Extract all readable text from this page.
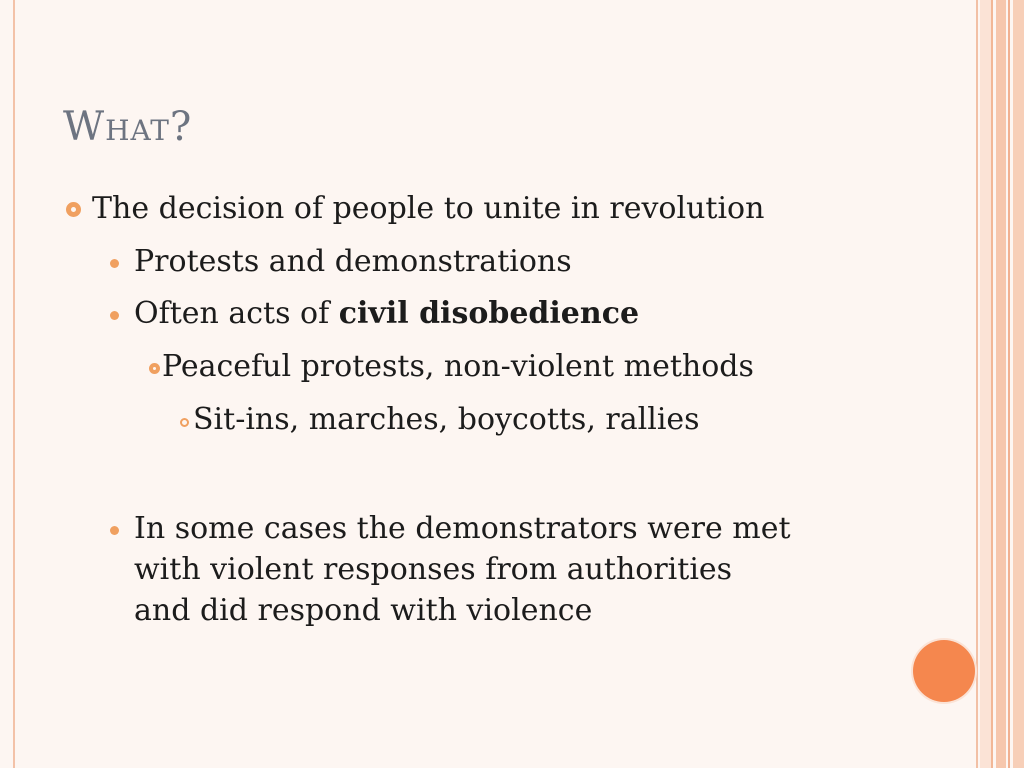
What?
The decision of people to unite in revolution
Protests and demonstrations
Often acts of civil disobedience
Peaceful protests, non-violent methods
Sit-ins, marches, boycotts, rallies
In some cases the demonstrators were met
with violent responses from authorities
and did respond with violence
